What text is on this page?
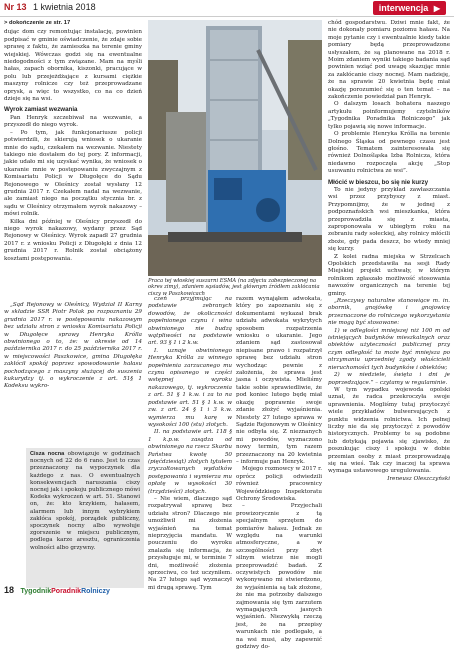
Nr 13 1 kwietnia 2018	interwencja ▶
> dokończenie ze str. 17

dując dom czy remontując instalację, powinien podpisać w gminie oświadczenie, że zdaje sobie sprawę z faktu, że zamieszka na terenie gminy wiejskiej. Wówczas godzi się na ewentualne niedogodności z tym związane. Mam na myśli hałas, zapach obornika, kiszonki, pracujące w polu lub przejeżdżające z kursami ciężkie maszyny rolnicze czy też przeprowadzane oprysk, a więc to wszystko, co na co dzień dzieje się na wsi.

Wyrok zamiast wezwania

Pan Henryk szczebiwał na wezwanie, a przyszedł do niego wyrok.

– Po tym, jak funkcjonariusze policji potwierdzili, że skierują wniosek o ukaranie mnie do sądu, czekałem na wezwanie. Niestety takiego nie dostałem do tej pory. Z informacji, jakie udało mi się uzyskać wynika, że wniosek o ukaranie mnie w postępowaniu zwyczajnym z Komisariatu Policji w Długołęce do Sądu Rejonowego w Oleśnicy został wysłany 12 grudnia 2017 r. Czekałem nadal na wezwanie, ale zamiast niego na początku stycznia br. z sądu w Oleśnicy otrzymałem wyrok nakazowy – mówi rolnik.

Kilka dni później w Oleśnicy przyszedł do niego wyrok nakazowy, wydany przez Sąd Rejonowy w Oleśnicy. Wyrok zapadł 27 grudnia 2017 r. z wniosku Policji z Długołęki z dnia 12 grudnia 2017 r. Rolnik został obciążony kosztami postępowania.

„Sąd Rejonowy w Oleśnicy, Wydział II Karny w składzie SSR Piotr Polak po rozpoznaniu 29 grudnia 2017 r. w postępowaniu nakazowym bez udziału stron z wniosku Komisariatu Policji w Długołęce sprawy Henryka Królla obwinionego o to, że: w okresie od 14 października 2017 r. do 25 października 2017 r. w miejscowości Paszkowice, gmina Długołęka zakłócił spokój poprzez spowodowanie hałasu pochodzącego z maszyny służącej do suszenia kukurydzy tj. o wykroczenie z art. 51§ 1 Kodeksu wykro-

Cisza nocna obowiązuje w godzinach nocnych od 22 do 6 rano. Jest to czas przeznaczony na wypoczynek dla każdego z nas. O ewentualnych konsekwencjach naruszania ciszy nocnej jak i spokoju publicznego mówi Kodeks wykroczeń w art. 51. Stanowi on, że: kto krzykiem, hałasem, alarmem lub innym wybrykiem zakłóca spokój, porządek publiczny, spoczynek nocny albo wywołuje zgorszenie w miejscu publicznym, podlega karze aresztu, ograniczenia wolności albo grzywny.
Praca tej włoskiej suszarni ESMA (na zdjęciu zabezpieczonej na okres zimy), zdaniem sąsiadów, jest głównym źródłem zakłócania ciszy w Paszkowicach

czeń przyjmując na podstawie zebranych dowodów, że okoliczności popełnionego czynu i wina obwinionego nie budzą wątpliwości na podstawie art. 93 § 1 i 2 k.w.

I. uznaje obwinionego Henryka Królla za winnego popełnienia zarzucanego mu czynu opisanego w części wstępnej wyroku nakazowego, tj. wykroczenia z art. 51 § 1 k.w. i za to na podstawie art. 51 § 1 k.w. w zw. z art. 24 § 1 i 3 k.w. wymierza mu karę w wysokości 100 (stu) złotych.

II. na podstawie art. 118 § 1 k.p.w. zasądza od obwinionego na rzecz Skarbu Państwa kwotę 50 (pięćdziesiąt) złotych tytułem zryczałtowanych wydatków postępowania i wymierza mu opłatę w wysokości 30 (trzydzieści) złotych.

– Nie wiem, dlaczego sąd rozpatrywał sprawę bez udziału stron? Dlaczego nie umożliwił mi złożenia wyjaśnień na temat nieprzyjęcia mandatu. W pouczeniu do wyroku znalazła się informacja, że przysługuje mi, w terminie 7 dni, możliwość złożenia sprzeciwu, co też uczyniłem. Na 27 lutego sąd wyznaczył mi drugą sprawę. Tym

razem wynająłem adwokata, który po zapoznaniu się z dokumentami wykazał brak udziału adwokata wykrytych sposobem rozpatrzenia wniosku o ukaranie. Jego zdaniem sąd zastosował niepisane prawo i rozpatrzył sprawę bez udziału stron wychodząc pewnie z założenia, że sprawa jest jasna i oczywista. Mieliśmy takie sobie sprawiedliwie, że pod koniec lutego będę miał okazję poprawnie swoje zdanie złożyć wyjaśnienia. Niestety 27 lutego sprawa w Sądzie Rejonowym w Oleśnicy nie odbyła się. Z nieznanych mi powodów, wyznaczono nowy termin, tym razem przeznaczony na 20 kwietnia – informuje pan Henryk.

Mojego rozmowcy w 2017 r. oprócz policji odwiedzili również pracownicy Wojewódzkiego Inspektoratu Ochrony Środowiska.

– Przyjechali prowizorycznie z tą specjalnym sprzętem do pomiarów hałasu. Jednak ze względu na warunki atmosferyczne, a w szczególności przy zbyt silnym wietrze nie mogli przeprowadzić badań. Z oczywistych powodów nie wykonywano mi stwierdzono, że wyjaśnienia są tak złożone, że nie ma potrzeby dalszego zajmowania się tym zarzutem wymagających jasnych wyjaśnień. Niezwykłą rzeczą jest, że na przepisy warunkach nie podlegało, a na wsi musi, aby zapewnić godziwy do-

chód gospodarstwu. Dziwi mnie fakt, że nie dokonały pomiaru poziomu hałasu. Na moje pytanie czy i ewentualnie kiedy takie pomiary będą przeprowadzone usłyszałem, że są planowane na 2018 r. Moim zdaniem wyniki takiego badania sąd powinien wziąć pod uwagę skazując mnie za zakłócanie ciszy nocnej. Mam nadzieję, że na sprawie 20 kwietnia będę miał okazję porozumieć się o ten temat – na zakończenie powiedział pan Henryk.

O dalszym losach bohatera naszego artykułu poinformujemy czytelników „Tygodnika Poradnika Rolniczego” jak tylko pojawią się nowe informacje.

O problemie Henryka Królla na terenie Dolnego Śląska od pewnego czasu jest głośno. Tematem zainteresowała się również Dolnośląska Izba Rolnicza, która niedawno rozpoczęła akcję „Stop usuwaniu rolnictwa ze wsi”.

Młócić w bieszcu, bo się nie kurzy

To nie jedyny przykład zawłaszczania wsi przez przybyszy z miast. Przypomnijmy, że w jednej z podpoznańskich wsi mieszkanka, która przeprowadziła się z miasta, zaproponowała w ubiegłym roku na zebraniu rady sołeckiej, aby rolnicy młócili zboże, gdy pada deszcz, bo wtedy mniej się kurzy.

Z kolei radna miejska w Strzelcach Opolskich przedstawiła na sesji Rady Miejskiej projekt uchwały, w którym rolnikom zgłaszało możliwość stosowania nawozów organicznych na terenie tej gminy.

„Rzeczywy naturalne stanowiące m. in. obornik, gnojówkę i gnojowicę przeznaczone do rolniczego wykorzystania nie mogą być stosowane:

1) w odległości mniejszej niż 100 m od istniejących budynków mieszkalnych oraz obiektów użyteczności publicznej przy czym odległość ta może być mniejsza po otrzymaniu uprzedniej zgody właścicieli nieruchomości tych budynków i obiektów;

2) w niedziele, święta i dni je poprzedzające.” – czytamy w regulaminie.

W tym wypadku wojewoda opolski uznał, że radca przekroczyła swoje uprawnienia. Mogliśmy tutaj przytoczyć wiele przykładów bulwersujących z punktu widzenia rolnictwa. Ich pełnej liczby nie da się przytoczyć z powodów historycznych. Problemy te są podobne lub dotykają pojawia się zjawisko, że poszukując ciszy i spokoju w dobie przemian osoby z miast przeprowadzają się na wieś. Tak czy inaczej ta sprawa wymaga ustawowego uregulowania.

Ireneusz Oleszczyński
18 TygodnikPoradnikRolniczy
